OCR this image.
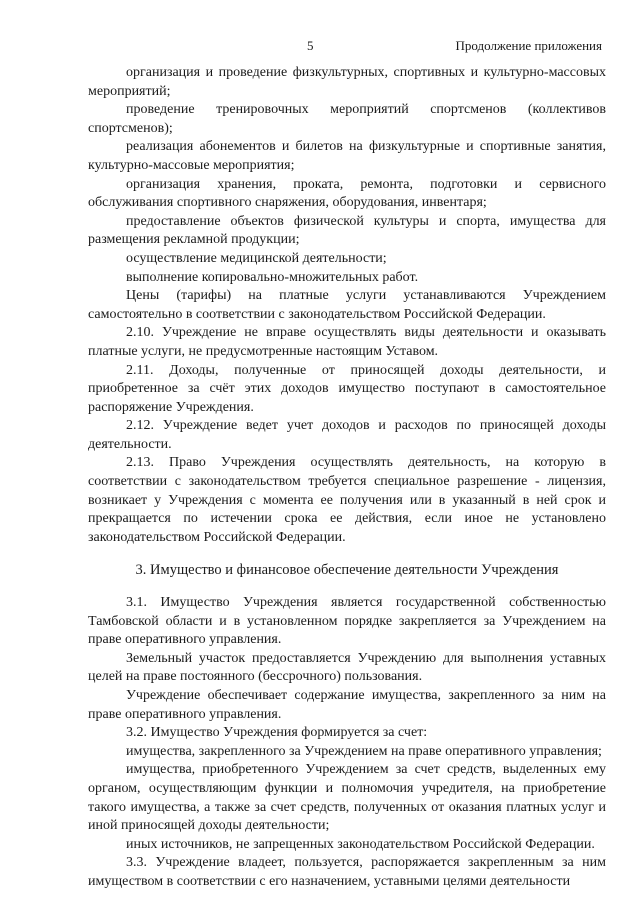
5	Продолжение приложения

организация и проведение физкультурных, спортивных и культурно-массовых мероприятий;

проведение тренировочных мероприятий спортсменов (коллективов спортсменов);

реализация абонементов и билетов на физкультурные и спортивные занятия, культурно-массовые мероприятия;

организация хранения, проката, ремонта, подготовки и сервисного обслуживания спортивного снаряжения, оборудования, инвентаря;

предоставление объектов физической культуры и спорта, имущества для размещения рекламной продукции;

осуществление медицинской деятельности;

выполнение копировально-множительных работ.

Цены (тарифы) на платные услуги устанавливаются Учреждением самостоятельно в соответствии с законодательством Российской Федерации.

2.10. Учреждение не вправе осуществлять виды деятельности и оказывать платные услуги, не предусмотренные настоящим Уставом.

2.11. Доходы, полученные от приносящей доходы деятельности, и приобретенное за счёт этих доходов имущество поступают в самостоятельное распоряжение Учреждения.

2.12. Учреждение ведет учет доходов и расходов по приносящей доходы деятельности.

2.13. Право Учреждения осуществлять деятельность, на которую в соответствии с законодательством требуется специальное разрешение - лицензия, возникает у Учреждения с момента ее получения или в указанный в ней срок и прекращается по истечении срока ее действия, если иное не установлено законодательством Российской Федерации.

3. Имущество и финансовое обеспечение деятельности Учреждения

3.1. Имущество Учреждения является государственной собственностью Тамбовской области и в установленном порядке закрепляется за Учреждением на праве оперативного управления.

Земельный участок предоставляется Учреждению для выполнения уставных целей на праве постоянного (бессрочного) пользования.

Учреждение обеспечивает содержание имущества, закрепленного за ним на праве оперативного управления.

3.2. Имущество Учреждения формируется за счет:

имущества, закрепленного за Учреждением на праве оперативного управления;

имущества, приобретенного Учреждением за счет средств, выделенных ему органом, осуществляющим функции и полномочия учредителя, на приобретение такого имущества, а также за счет средств, полученных от оказания платных услуг и иной приносящей доходы деятельности;

иных источников, не запрещенных законодательством Российской Федерации.

3.3. Учреждение владеет, пользуется, распоряжается закрепленным за ним имуществом в соответствии с его назначением, уставными целями деятельности
